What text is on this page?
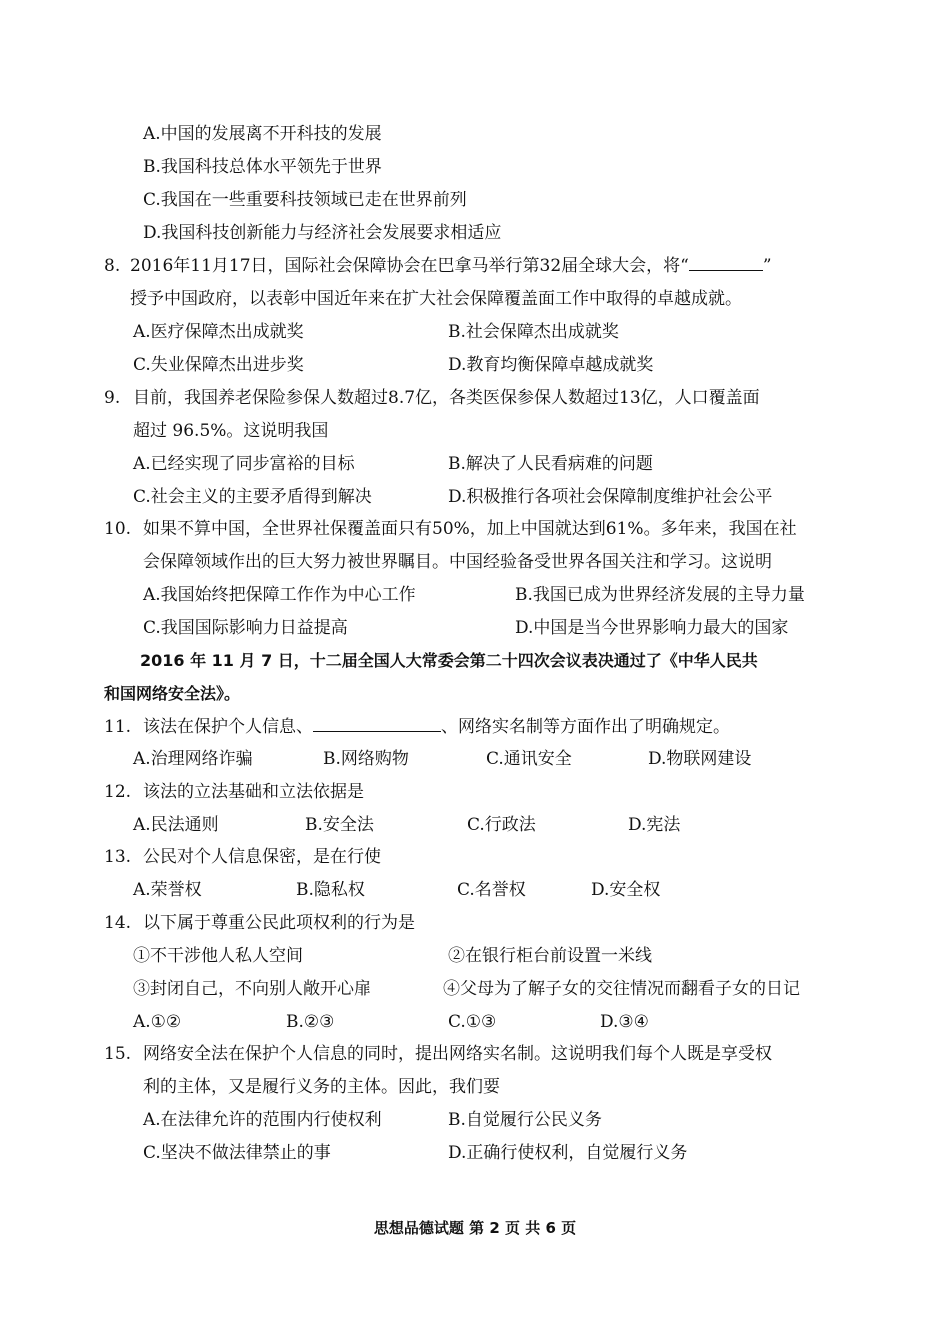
A.中国的发展离不开科技的发展
B.我国科技总体水平领先于世界
C.我国在一些重要科技领域已走在世界前列
D.我国科技创新能力与经济社会发展要求相适应
8. 2016年11月17日，国际社会保障协会在巴拿马举行第32届全球大会，将“	”
授予中国政府，以表彰中国近年来在扩大社会保障覆盖面工作中取得的卓越成就。
A.医疗保障杰出成就奖	B.社会保障杰出成就奖
C.失业保障杰出进步奖	D.教育均衡保障卓越成就奖
9. 目前，我国养老保险参保人数超过8.7亿，各类医保参保人数超过13亿，人口覆盖面
超过 96.5%。这说明我国
A.已经实现了同步富裕的目标	B.解决了人民看病难的问题
C.社会主义的主要矛盾得到解决	D.积极推行各项社会保障制度维护社会公平
10. 如果不算中国，全世界社保覆盖面只有50%，加上中国就达到61%。多年来，我国在社
会保障领域作出的巨大努力被世界瞩目。中国经验备受世界各国关注和学习。这说明
A.我国始终把保障工作作为中心工作	B.我国已成为世界经济发展的主导力量
C.我国国际影响力日益提高	D.中国是当今世界影响力最大的国家
2016 年 11 月 7 日，十二届全国人大常委会第二十四次会议表决通过了《中华人民共
和国网络安全法》。
11. 该法在保护个人信息、	、网络实名制等方面作出了明确规定。
A.治理网络诈骗	B.网络购物	C.通讯安全	D.物联网建设
12. 该法的立法基础和立法依据是
A.民法通则	B.安全法	C.行政法	D.宪法
13. 公民对个人信息保密，是在行使
A.荣誉权	B.隐私权	C.名誉权	D.安全权
14. 以下属于尊重公民此项权利的行为是
①不干涉他人私人空间	②在银行柜台前设置一米线
③封闭自己，不向别人敞开心扉	④父母为了解子女的交往情况而翻看子女的日记
A.①②	B.②③	C.①③	D.③④
15. 网络安全法在保护个人信息的同时，提出网络实名制。这说明我们每个人既是享受权
利的主体，又是履行义务的主体。因此，我们要
A.在法律允许的范围内行使权利	B.自觉履行公民义务
C.坚决不做法律禁止的事	D.正确行使权利，自觉履行义务
思想品德试题 第 2 页 共 6 页
